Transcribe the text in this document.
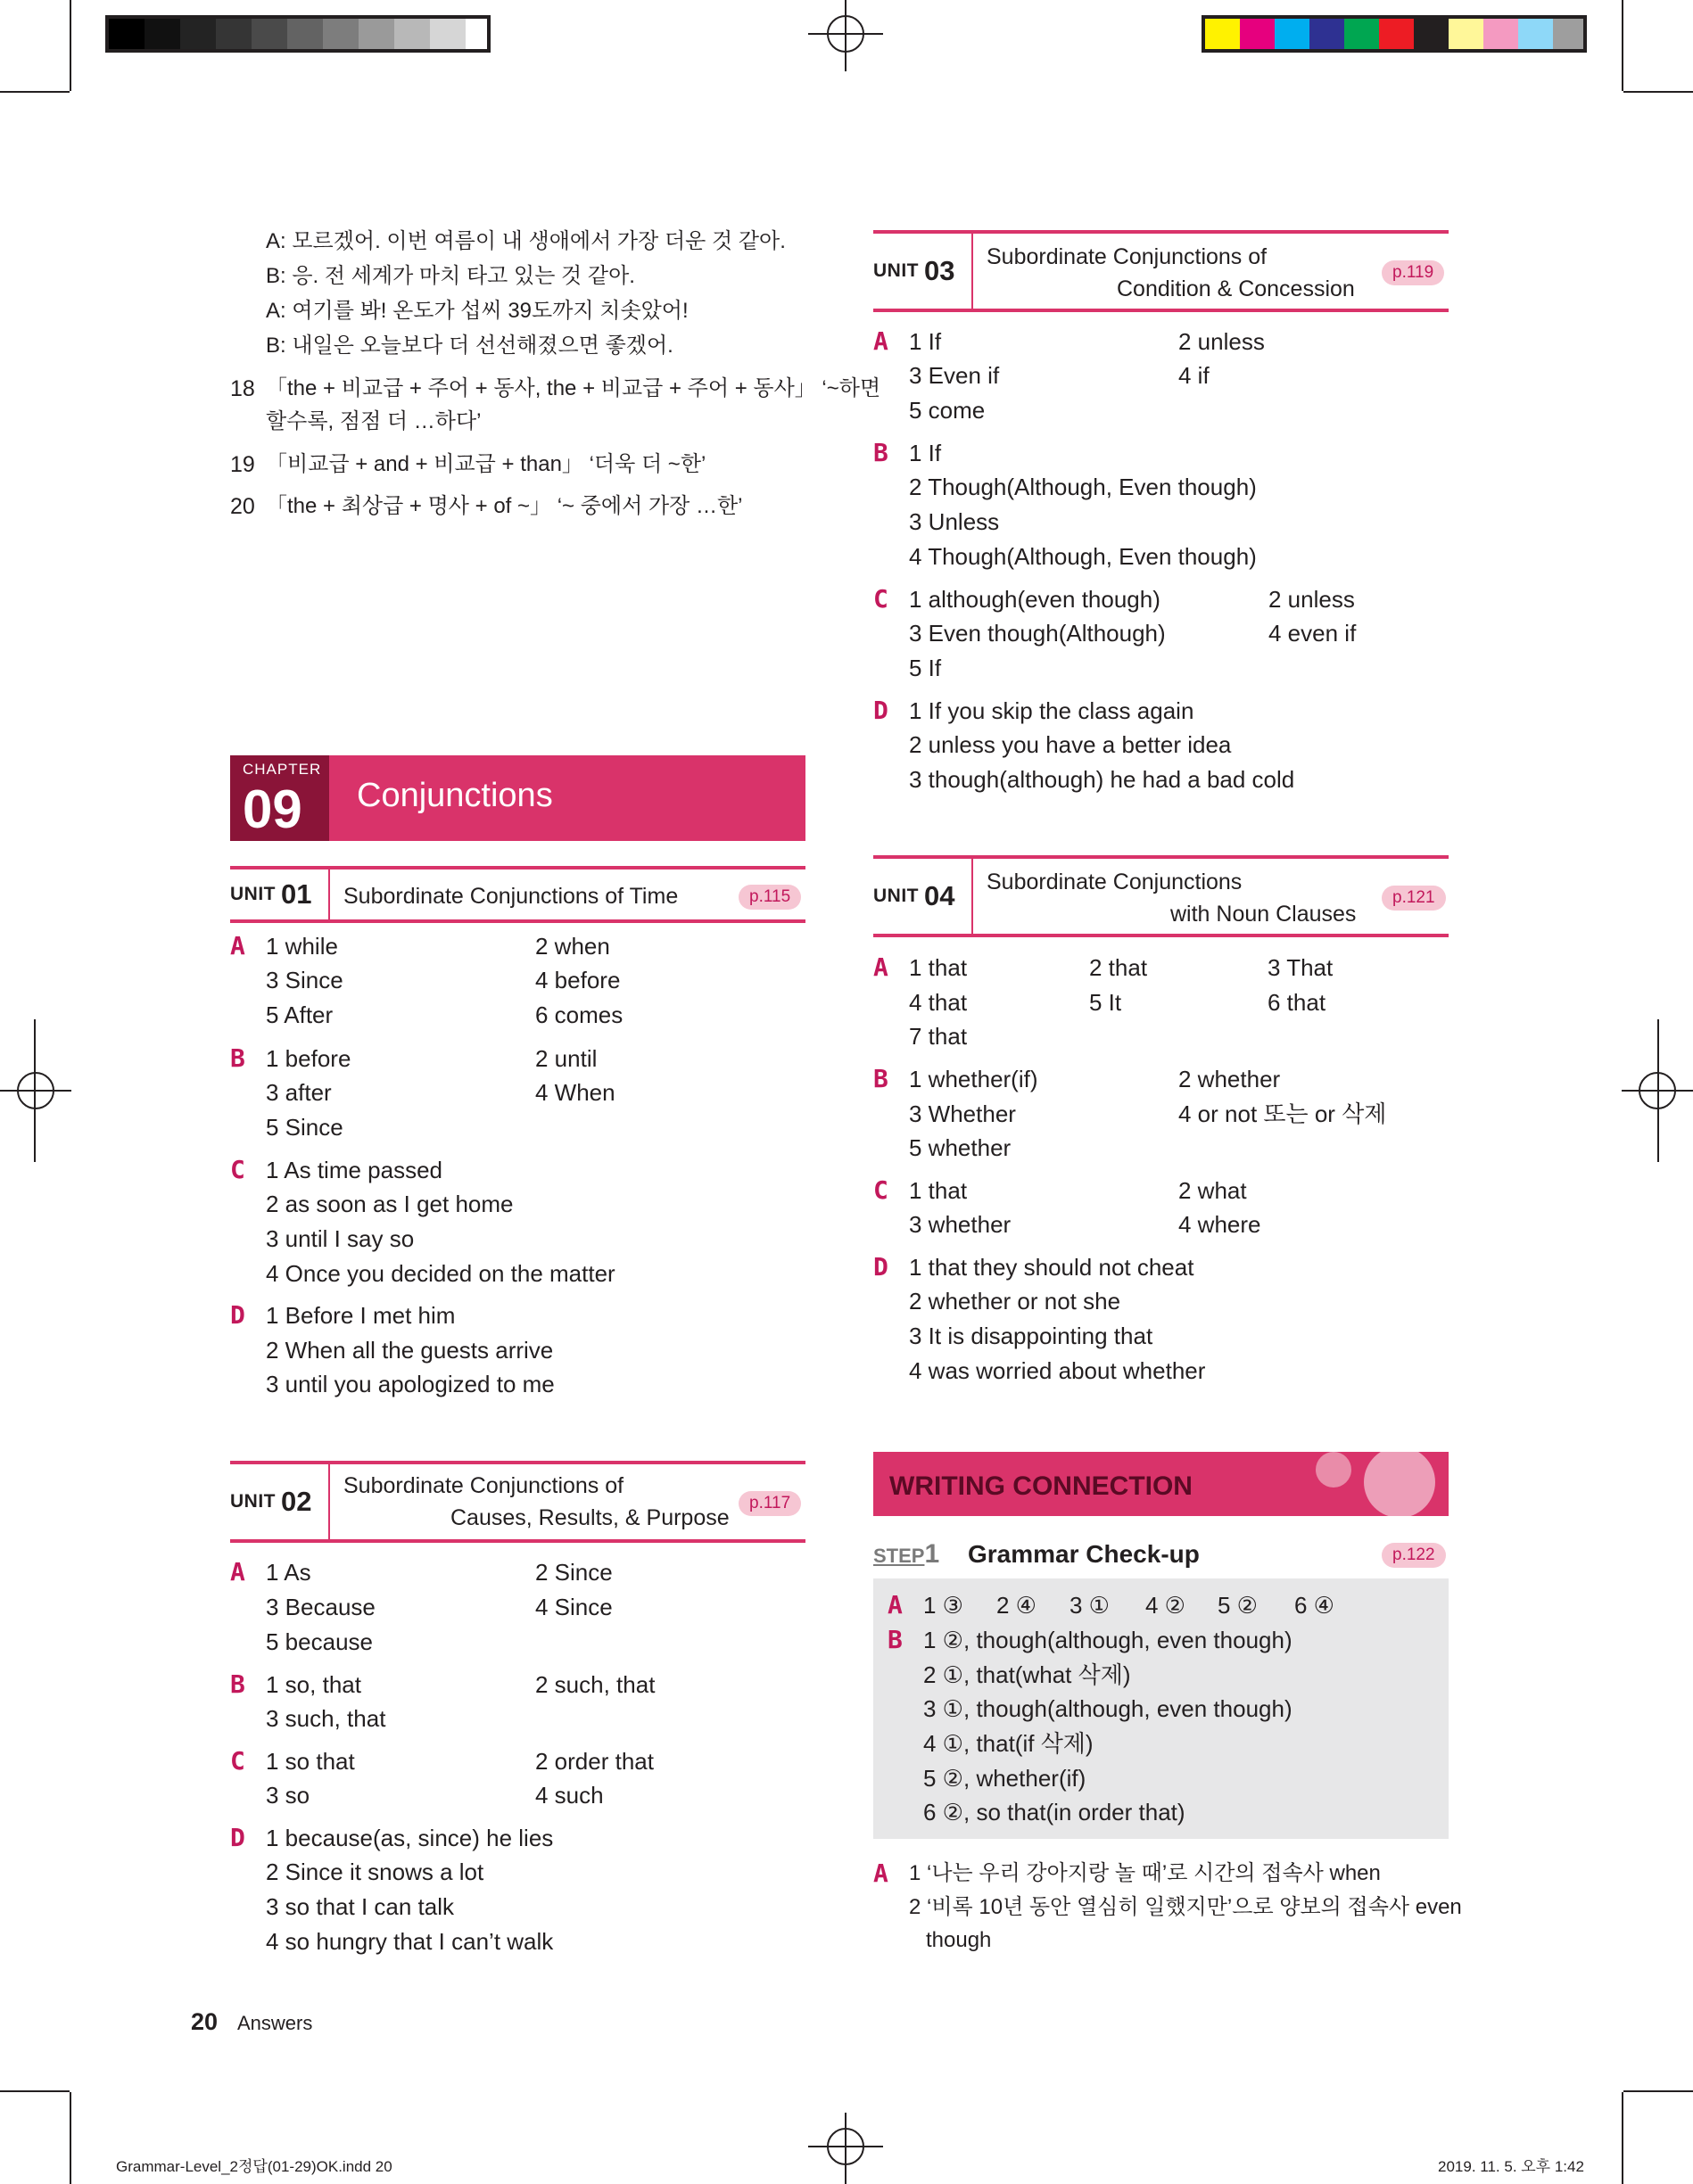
A: 모르겠어. 이번 여름이 내 생애에서 가장 더운 것 같아.
B: 응. 전 세계가 마치 타고 있는 것 같아.
A: 여기를 봐! 온도가 섭씨 39도까지 치솟았어!
B: 내일은 오늘보다 더 선선해졌으면 좋겠어.
18 「the + 비교급 + 주어 + 동사, the + 비교급 + 주어 + 동사」 ‘~하면
할수록, 점점 더 …하다’
19 「비교급 + and + 비교급 + than」 ‘더욱 더 ~한’
20 「the + 최상급 + 명사 + of ~」 ‘~ 중에서 가장 …한’
CHAPTER
09 Conjunctions
UNIT 01 Subordinate Conjunctions of Time	p.115
A 1 while	2 when
3 Since	4 before
5 After	6 comes
B 1 before	2 until
3 after	4 When
5 Since
C 1 As time passed
2 as soon as I get home
3 until I say so
4 Once you decided on the matter
D 1 Before I met him
2 When all the guests arrive
3 until you apologized to me
UNIT 02 Subordinate Conjunctions of
Causes, Results, & Purpose
p.117
A 1 As	2 Since
3 Because	4 Since
5 because
B 1 so, that	2 such, that
3 such, that
C 1 so that	2 order that
3 so	4 such
D 1 because(as, since) he lies
2 Since it snows a lot
3 so that I can talk
4 so hungry that I can’t walk
UNIT 03 Subordinate Conjunctions of
Condition & Concession
p.119
A 1 If	2 unless
3 Even if	4 if
5 come
B 1 If
2 Though(Although, Even though)
3 Unless
4 Though(Although, Even though)
C 1 although(even though)	2 unless
3 Even though(Although)	4 even if
5 If
D 1 If you skip the class again
2 unless you have a better idea
3 though(although) he had a bad cold
UNIT 04 Subordinate Conjunctions
with Noun Clauses
p.121
A 1 that	2 that	3 That
4 that	5 It	6 that
7 that
B 1 whether(if)	2 whether
3 Whether	4 or not 또는 or 삭제
5 whether
C 1 that	2 what
3 whether	4 where
D 1 that they should not cheat
2 whether or not she
3 It is disappointing that
4 was worried about whether
WRITING CONNECTION
STEP1 Grammar Check-up	p.122
A 1 ③ 2 ④ 3 ① 4 ② 5 ② 6 ④
B 1 ②, though(although, even though)
2 ①, that(what 삭제)
3 ①, though(although, even though)
4 ①, that(if 삭제)
5 ②, whether(if)
6 ②, so that(in order that)
A 1 ‘나는 우리 강아지랑 놀 때’로 시간의 접속사 when
2 ‘비록 10년 동안 열심히 일했지만’으로 양보의 접속사 even
though
20 Answers
Grammar-Level_2정답(01-29)OK.indd 20	2019. 11. 5. 오후 1:42
